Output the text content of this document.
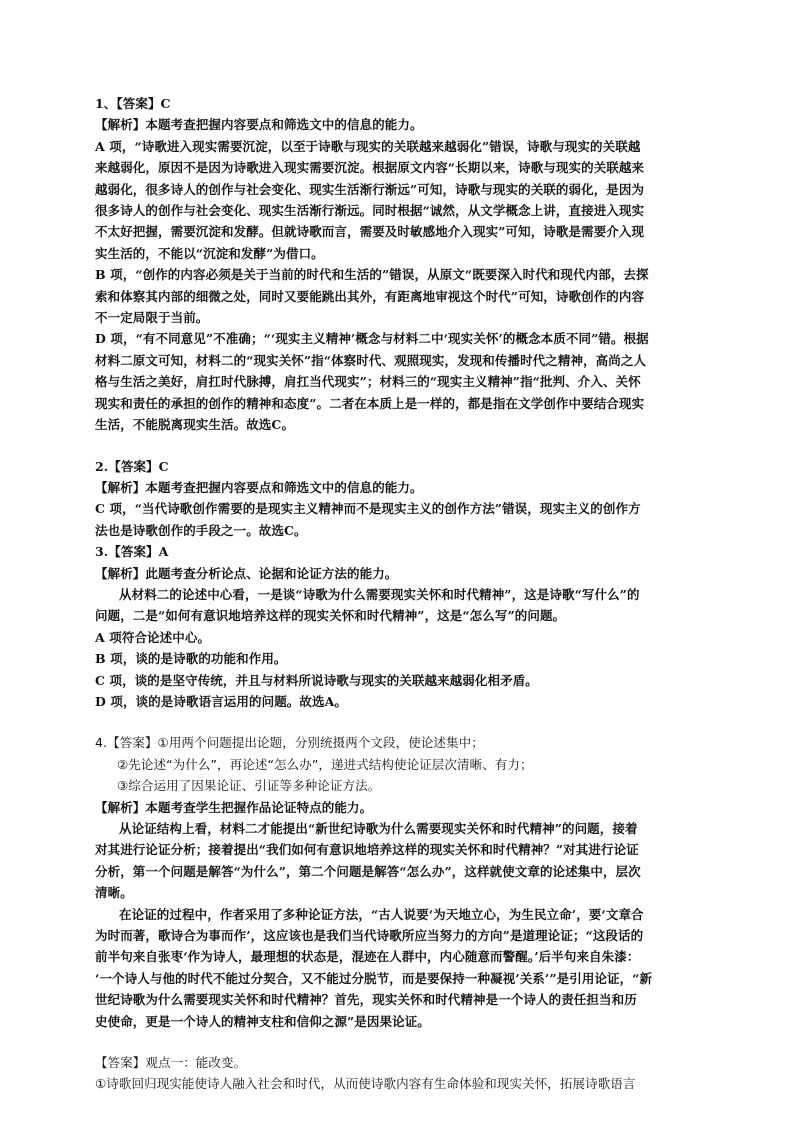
1、【答案】C
【解析】本题考查把握内容要点和筛选文中的信息的能力。
A 项，“诗歌进入现实需要沉淀，以至于诗歌与现实的关联越来越弱化”错误，诗歌与现实的关联越
来越弱化，原因不是因为诗歌进入现实需要沉淀。根据原文内容“长期以来，诗歌与现实的关联越来
越弱化，很多诗人的创作与社会变化、现实生活渐行渐远”可知，诗歌与现实的关联的弱化，是因为
很多诗人的创作与社会变化、现实生活渐行渐远。同时根据“诚然，从文学概念上讲，直接进入现实
不太好把握，需要沉淀和发酵。但就诗歌而言，需要及时敏感地介入现实”可知，诗歌是需要介入现
实生活的，不能以“沉淀和发酵”为借口。
B 项，“创作的内容必须是关于当前的时代和生活的”错误，从原文“既要深入时代和现代内部，去探
索和体察其内部的细微之处，同时又要能跳出其外，有距离地审视这个时代”可知，诗歌创作的内容
不一定局限于当前。
D 项，“有不同意见”不准确；“‘现实主义精神’概念与材料二中‘现实关怀’的概念本质不同”错。根据
材料二原文可知，材料二的“现实关怀”指“体察时代、观照现实，发现和传播时代之精神，高尚之人
格与生活之美好，肩扛时代脉搏，肩扛当代现实”；材料三的“现实主义精神”指“批判、介入、关怀
现实和责任的承担的创作的精神和态度”。二者在本质上是一样的，都是指在文学创作中要结合现实
生活，不能脱离现实生活。故选C。
2.【答案】C
【解析】本题考查把握内容要点和筛选文中的信息的能力。
C 项，“当代诗歌创作需要的是现实主义精神而不是现实主义的创作方法”错误，现实主义的创作方
法也是诗歌创作的手段之一。故选C。
3.【答案】A
【解析】此题考查分析论点、论据和论证方法的能力。
从材料二的论述中心看，一是谈“诗歌为什么需要现实关怀和时代精神”，这是诗歌“写什么”的
问题，二是“如何有意识地培养这样的现实关怀和时代精神”，这是“怎么写”的问题。
A 项符合论述中心。
B 项，谈的是诗歌的功能和作用。
C 项，谈的是坚守传统，并且与材料所说诗歌与现实的关联越来越弱化相矛盾。
D 项，谈的是诗歌语言运用的问题。故选A。
4.【答案】①用两个问题提出论题，分别统摄两个文段，使论述集中；
②先论述“为什么”，再论述“怎么办”，递进式结构使论证层次清晰、有力；
③综合运用了因果论证、引证等多种论证方法。
【解析】本题考查学生把握作品论证特点的能力。
从论证结构上看，材料二才能提出“新世纪诗歌为什么需要现实关怀和时代精神”的问题，接着
对其进行论证分析；接着提出“我们如何有意识地培养这样的现实关怀和时代精神？”对其进行论证
分析，第一个问题是解答“为什么”，第二个问题是解答“怎么办”，这样就使文章的论述集中，层次
清晰。
在论证的过程中，作者采用了多种论证方法，“古人说要‘为天地立心，为生民立命’，要‘文章合
为时而著，歌诗合为事而作’，这应该也是我们当代诗歌所应当努力的方向”是道理论证；“这段话的
前半句来自张枣‘作为诗人，最理想的状态是，混迹在人群中，内心随意而警醒。’后半句来自朱漆：
‘一个诗人与他的时代不能过分契合，又不能过分脱节，而是要保持一种凝视’关系’”是引用论证，“新
世纪诗歌为什么需要现实关怀和时代精神？首先，现实关怀和时代精神是一个诗人的责任担当和历
史使命，更是一个诗人的精神支柱和信仰之源”是因果论证。
【答案】观点一：能改变。
①诗歌回归现实能使诗人融入社会和时代，从而使诗歌内容有生命体验和现实关怀，拓展诗歌语言
